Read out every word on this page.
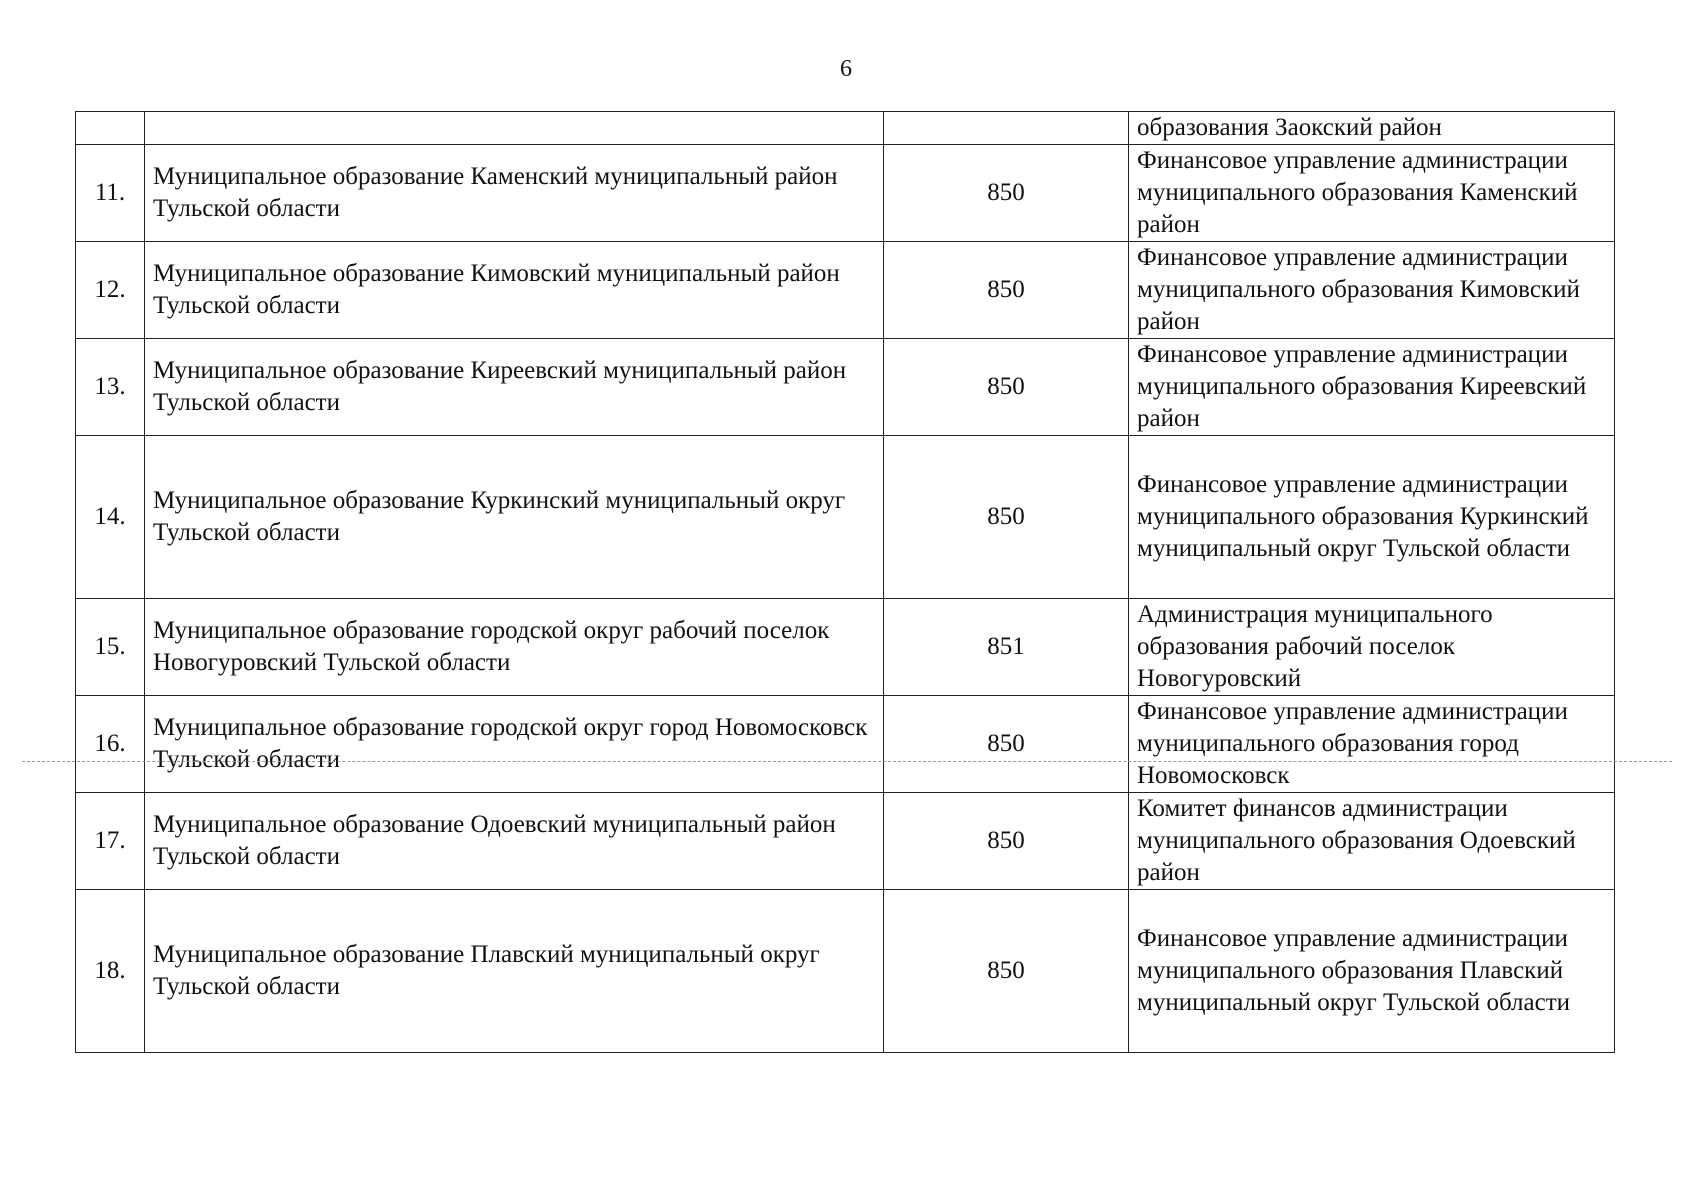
6
			образования Заокский район
11.	Муниципальное образование Каменский муниципальный район Тульской области	850	Финансовое управление администрации муниципального образования Каменский район
12.	Муниципальное образование Кимовский муниципальный район Тульской области	850	Финансовое управление администрации муниципального образования Кимовский район
13.	Муниципальное образование Киреевский муниципальный район Тульской области	850	Финансовое управление администрации муниципального образования Киреевский район
14.	Муниципальное образование Куркинский муниципальный округ Тульской области	850	Финансовое управление администрации муниципального образования Куркинский муниципальный округ Тульской области
15.	Муниципальное образование городской округ рабочий поселок Новогуровский Тульской области	851	Администрация муниципального образования рабочий поселок Новогуровский
16.	Муниципальное образование городской округ город Новомосковск Тульской области	850	Финансовое управление администрации муниципального образования город Новомосковск
17.	Муниципальное образование Одоевский муниципальный район Тульской области	850	Комитет финансов администрации муниципального образования Одоевский район
18.	Муниципальное образование Плавский муниципальный округ Тульской области	850	Финансовое управление администрации муниципального образования Плавский муниципальный округ Тульской области
